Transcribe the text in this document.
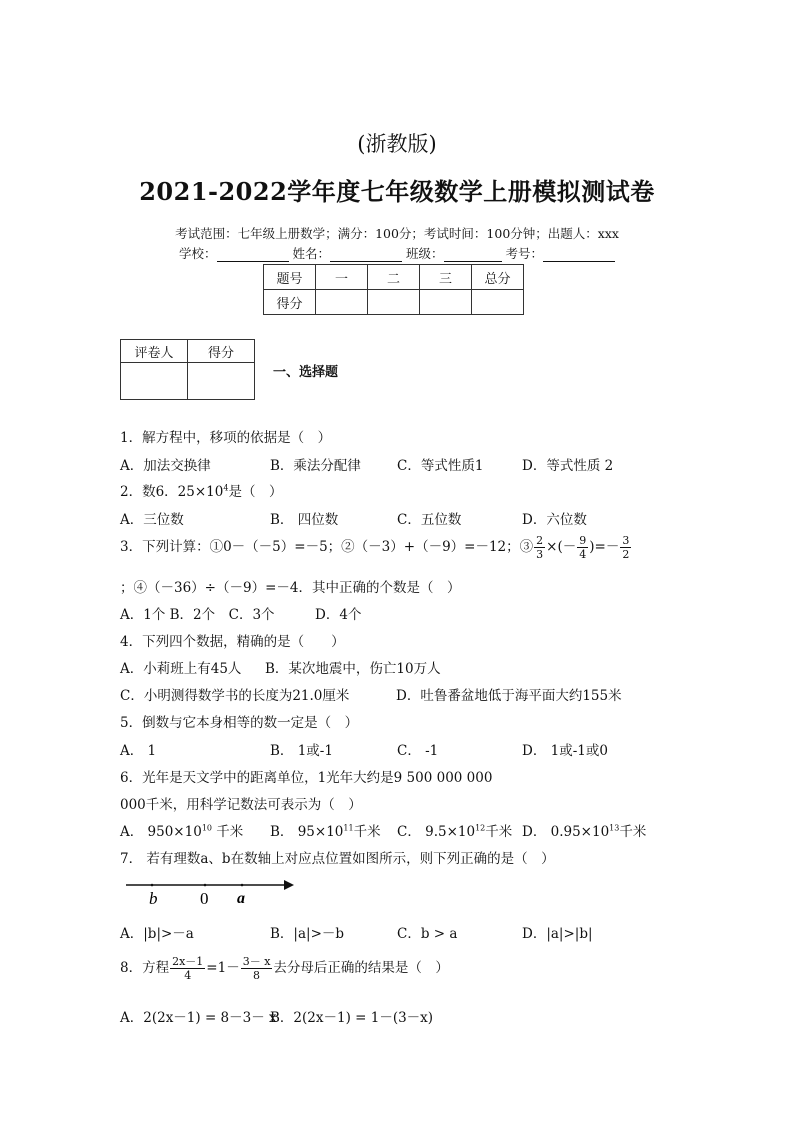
(浙教版)
2021-2022学年度七年级数学上册模拟测试卷
考试范围：七年级上册数学；满分：100分；考试时间：100分钟；出题人：xxx
学校：	姓名：	班级：	考号：
题号	一	二	三	总分
得分				
评卷人	得分

一、选择题
1．解方程中，移项的依据是（　）
A．加法交换律	B．乘法分配律	C．等式性质1	D．等式性质 2
2．数6．$25\times 10^4$是（　）
A．三位数	B． 四位数	C．五位数	D．六位数
3．下列计算：①0－（－5）=－5；②（－3）+（－9）=－12；③ $\frac{2}{3}$ ×(－ $\frac{9}{4}$ )=－ $\frac{3}{2}$
；④（－36）÷（－9）=－4．其中正确的个数是（　）
A．1个 B．2个　C．3个　　　D．4个
4．下列四个数据，精确的是（　　）
A．小莉班上有45人 B．某次地震中，伤亡10万人
C．小明测得数学书的长度为21.0厘米	D．吐鲁番盆地低于海平面大约155米
5．倒数与它本身相等的数一定是（　）
A． 1	B． 1或-1	C． -1	D． 1或-1或0
6．光年是天文学中的距离单位，1光年大约是9 500 000 000
000千米，用科学记数法可表示为（　）
A． $950\times 10^{10}$ 千米 B． $95\times 10^{11}$千米 C． $9.5\times 10^{12}$千米 D． $0.95\times 10^{13}$千米
7． 若有理数a、b在数轴上对应点位置如图所示，则下列正确的是（　）
b	0 a
A．|b|>－a	B．|a|>－b	C．b > a	D．|a|>|b|
8．方程 $\frac{2x-1}{4} =1- \frac{3- x}{8}$ 去分母后正确的结果是（　）
A．2(2x－1) = 8－3－ x
B．2(2x－1) = 1－(3－x)
